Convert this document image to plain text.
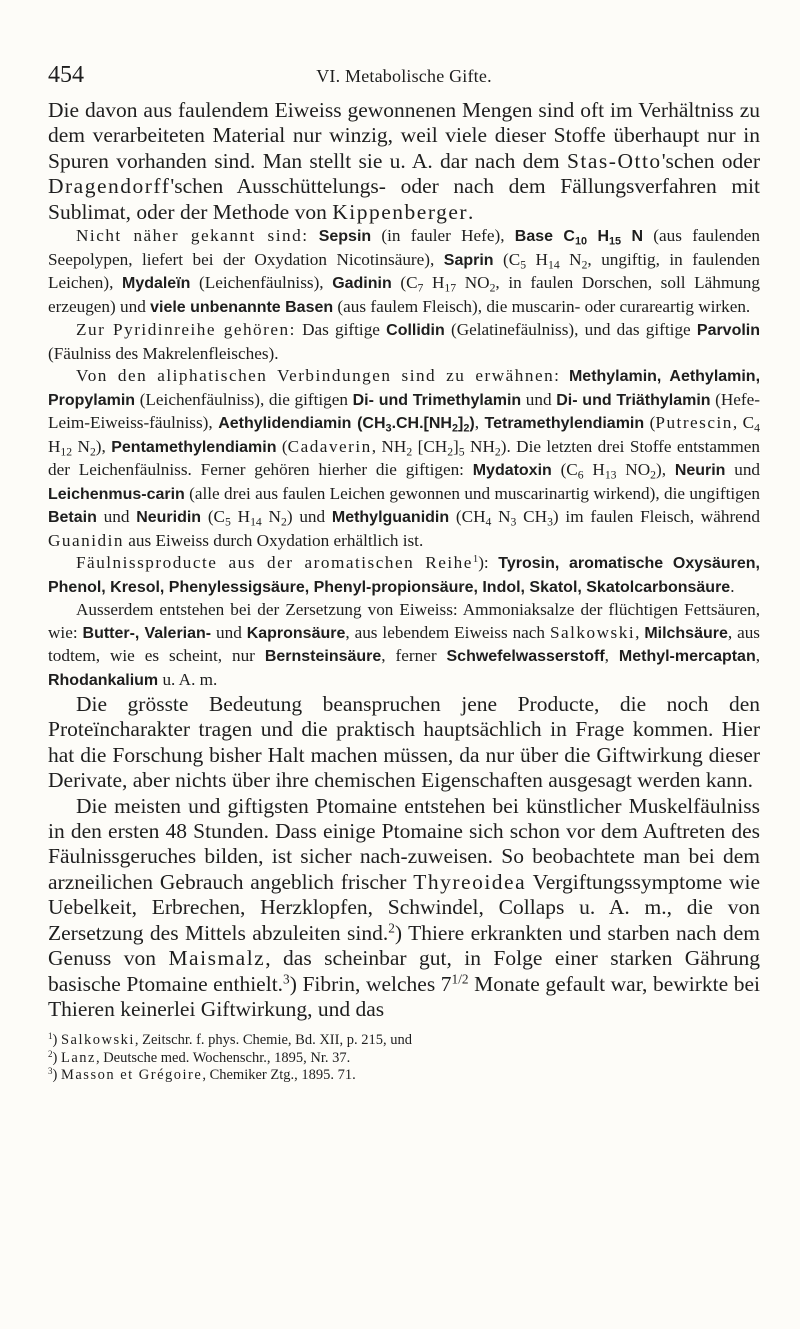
454	VI. Metabolische Gifte.

Die davon aus faulendem Eiweiss gewonnenen Mengen sind oft im Verhältniss zu dem verarbeiteten Material nur winzig, weil viele dieser Stoffe überhaupt nur in Spuren vorhanden sind. Man stellt sie u. A. dar nach dem Stas-Otto'schen oder Dragendorff'schen Ausschüttelungs- oder nach dem Fällungsverfahren mit Sublimat, oder der Methode von Kippenberger.

Nicht näher gekannt sind: Sepsin (in fauler Hefe), Base $C_{10}$ $H_{15}$ N (aus faulenden Seepolypen, liefert bei der Oxydation Nicotinsäure), Saprin ($C_5$ $H_{14}$ $N_2$, ungiftig, in faulenden Leichen), Mydaleïn (Leichenfäulniss), Gadinin ($C_7$ $H_{17}$ $NO_2$, in faulen Dorschen, soll Lähmung erzeugen) und viele unbenannte Basen (aus faulem Fleisch), die muscarin- oder curareartig wirken.

Zur Pyridinreihe gehören: Das giftige Collidin (Gelatinefäulniss), und das giftige Parvolin (Fäulniss des Makrelenfleisches).

Von den aliphatischen Verbindungen sind zu erwähnen: Methylamin, Aethylamin, Propylamin (Leichenfäulniss), die giftigen Di- und Trimethylamin und Di- und Triäthylamin (Hefe-Leim-Eiweiss-fäulniss), Aethylidendiamin $(CH_3.CH.[NH_2]_2)$, Tetramethylendiamin (Putrescin, $C_4$ $H_{12}$ $N_2$), Pentamethylendiamin (Cadaverin, $NH_2$ $[CH_2]_5$ $NH_2$). Die letzten drei Stoffe entstammen der Leichenfäulniss. Ferner gehören hierher die giftigen: Mydatoxin ($C_6$ $H_{13}$ $NO_2$), Neurin und Leichenmus-carin (alle drei aus faulen Leichen gewonnen und muscarinartig wirkend), die ungiftigen Betain und Neuridin ($C_5$ $H_{14}$ $N_2$) und Methylguanidin ($CH_4$ $N_3$ $CH_3$) im faulen Fleisch, während Guanidin aus Eiweiss durch Oxydation erhältlich ist.

Fäulnissproducte aus der aromatischen Reihe$^1$): Tyrosin, aromatische Oxysäuren, Phenol, Kresol, Phenylessigsäure, Phenyl-propionsäure, Indol, Skatol, Skatolcarbonsäure.

Ausserdem entstehen bei der Zersetzung von Eiweiss: Ammoniaksalze der flüchtigen Fettsäuren, wie: Butter-, Valerian- und Kapronsäure, aus lebendem Eiweiss nach Salkowski, Milchsäure, aus todtem, wie es scheint, nur Bernsteinsäure, ferner Schwefelwasserstoff, Methyl-mercaptan, Rhodankalium u. A. m.

Die grösste Bedeutung beanspruchen jene Producte, die noch den Proteïncharakter tragen und die praktisch hauptsächlich in Frage kommen. Hier hat die Forschung bisher Halt machen müssen, da nur über die Giftwirkung dieser Derivate, aber nichts über ihre chemischen Eigenschaften ausgesagt werden kann.

Die meisten und giftigsten Ptomaine entstehen bei künstlicher Muskelfäulniss in den ersten 48 Stunden. Dass einige Ptomaine sich schon vor dem Auftreten des Fäulnissgeruches bilden, ist sicher nach-zuweisen. So beobachtete man bei dem arzneilichen Gebrauch angeblich frischer Thyreoidea Vergiftungssymptome wie Uebelkeit, Erbrechen, Herzklopfen, Schwindel, Collaps u. A. m., die von Zersetzung des Mittels abzuleiten sind.$^2$) Thiere erkrankten und starben nach dem Genuss von Maismalz, das scheinbar gut, in Folge einer starken Gährung basische Ptomaine enthielt.$^3$) Fibrin, welches $7^{1/2}$ Monate gefault war, bewirkte bei Thieren keinerlei Giftwirkung, und das

$^1$) Salkowski, Zeitschr. f. phys. Chemie, Bd. XII, p. 215, und

$^2$) Lanz, Deutsche med. Wochenschr., 1895, Nr. 37.

$^3$) Masson et Grégoire, Chemiker Ztg., 1895. 71.
